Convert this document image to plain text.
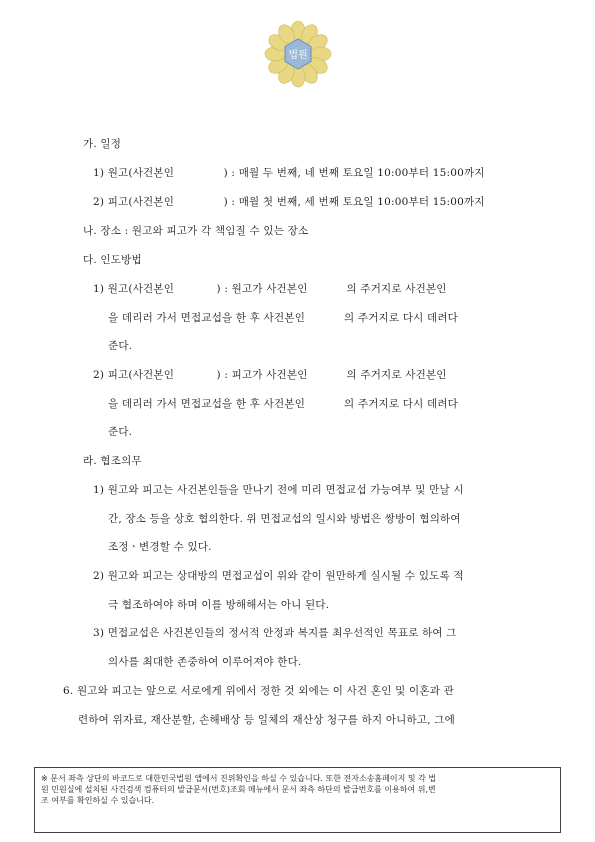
법원
가. 일정
1) 원고(사건본인              ) : 매월 두 번째, 네 번째 토요일 10:00부터 15:00까지
2) 피고(사건본인              ) : 매월 첫 번째, 세 번째 토요일 10:00부터 15:00까지
나. 장소 : 원고와 피고가 각 책임질 수 있는 장소
다. 인도방법
1) 원고(사건본인            ) : 원고가 사건본인           의 주거지로 사건본인
을 데리러 가서 면접교섭을 한 후 사건본인           의 주거지로 다시 데려다
준다.
2) 피고(사건본인            ) : 피고가 사건본인           의 주거지로 사건본인
을 데리러 가서 면접교섭을 한 후 사건본인           의 주거지로 다시 데려다
준다.
라. 협조의무
1) 원고와 피고는 사건본인들을 만나기 전에 미리 면접교섭 가능여부 및 만날 시
간, 장소 등을 상호 협의한다. 위 면접교섭의 일시와 방법은 쌍방이 협의하여
조정ㆍ변경할 수 있다.
2) 원고와 피고는 상대방의 면접교섭이 위와 같이 원만하게 실시될 수 있도록 적
극 협조하여야 하며 이를 방해해서는 아니 된다.
3) 면접교섭은 사건본인들의 정서적 안정과 복지를 최우선적인 목표로 하여 그
의사를 최대한 존중하여 이루어져야 한다.
6. 원고와 피고는 앞으로 서로에게 위에서 정한 것 외에는 이 사건 혼인 및 이혼과 관
련하여 위자료, 재산분할, 손해배상 등 일체의 재산상 청구를 하지 아니하고, 그에
※ 문서 좌측 상단의 바코드로 대한민국법원 앱에서 진위확인을 하실 수 있습니다. 또한 전자소송홈페이지 및 각 법
원 민원실에 설치된 사건검색 컴퓨터의 발급문서(번호)조회 메뉴에서 문서 좌측 하단의 발급번호를 이용하여 위,변
조 여부를 확인하실 수 있습니다.
